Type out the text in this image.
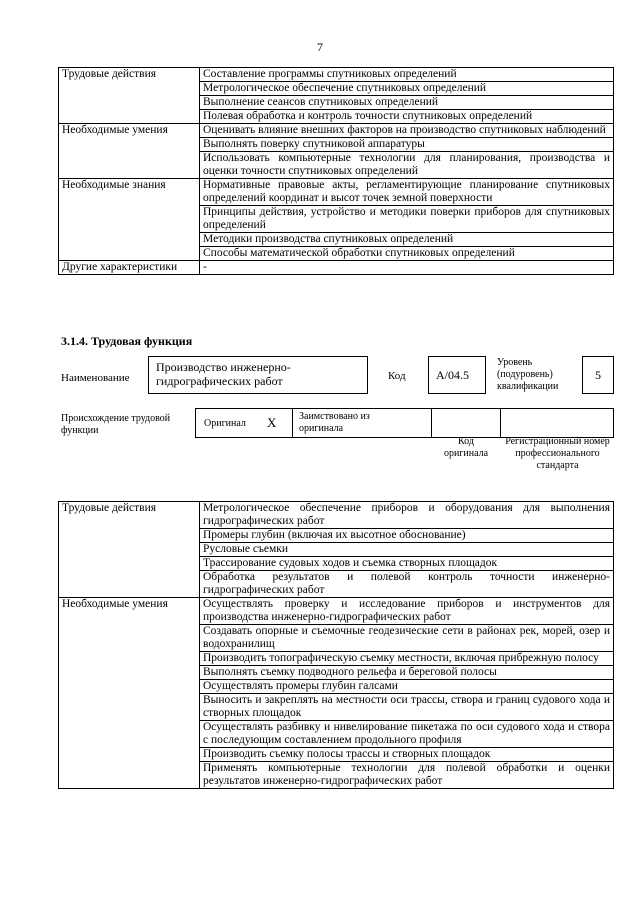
7
Трудовые действия	Составление программы спутниковых определений
	Метрологическое обеспечение спутниковых определений
	Выполнение сеансов спутниковых определений
	Полевая обработка и контроль точности спутниковых определений
Необходимые умения	Оценивать влияние внешних факторов на производство спутниковых наблюдений
	Выполнять поверку спутниковой аппаратуры
	Использовать компьютерные технологии для планирования, производства и оценки точности спутниковых определений
Необходимые знания	Нормативные правовые акты, регламентирующие планирование спутниковых определений координат и высот точек земной поверхности
	Принципы действия, устройство и методики поверки приборов для спутниковых определений
	Методики производства спутниковых определений
	Способы математической обработки спутниковых определений
Другие характеристики	-
3.1.4. Трудовая функция
Наименование
Производство инженерно-гидрографических работ	Код	A/04.5
Уровень (подуровень) квалификации
5
Происхождение трудовой функции
Оригинал X Заимствовано из оригинала
Код оригинала
Регистрационный номер профессионального стандарта
Трудовые действия	Метрологическое обеспечение приборов и оборудования для выполнения гидрографических работ
	Промеры глубин (включая их высотное обоснование)
	Русловые съемки
	Трассирование судовых ходов и съемка створных площадок
	Обработка результатов и полевой контроль точности инженерно-гидрографических работ
Необходимые умения	Осуществлять проверку и исследование приборов и инструментов для производства инженерно-гидрографических работ
	Создавать опорные и съемочные геодезические сети в районах рек, морей, озер и водохранилищ
	Производить топографическую съемку местности, включая прибрежную полосу
	Выполнять съемку подводного рельефа и береговой полосы
	Осуществлять промеры глубин галсами
	Выносить и закреплять на местности оси трассы, створа и границ судового хода и створных площадок
	Осуществлять разбивку и нивелирование пикетажа по оси судового хода и створа с последующим составлением продольного профиля
	Производить съемку полосы трассы и створных площадок
	Применять компьютерные технологии для полевой обработки и оценки результатов инженерно-гидрографических работ
